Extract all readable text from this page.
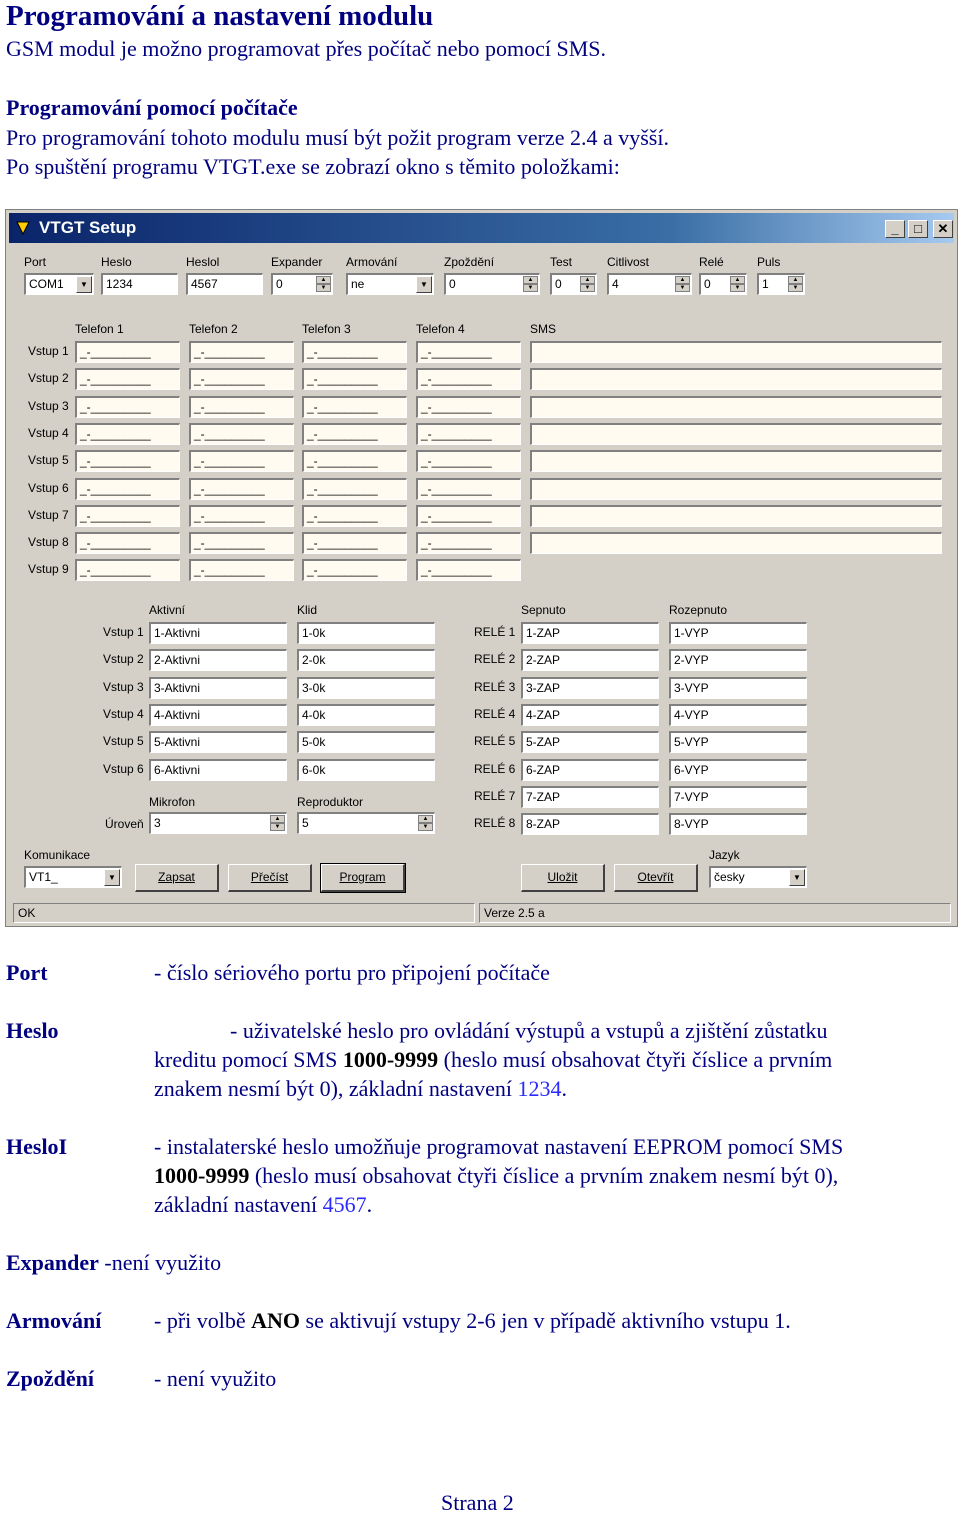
Programování a nastavení modulu
GSM modul je možno programovat přes počítač nebo pomocí SMS.
Programování pomocí počítače
Pro programování tohoto modulu musí být požit program verze 2.4 a vyšší.
Po spuštění programu VTGT.exe se zobrazí okno s těmito položkami:
VTGT Setup	_	□	✕
Port
COM1	▼
Heslo
1234
Heslol
4567
Expander
0	▲
▼
Armování
ne	▼
Zpoždění
0	▲
▼
Test
0	▲
▼
Citlivost
4	▲
▼
Relé
0	▲
▼
Puls
1	▲
▼
Telefon 1	Telefon 2	Telefon 3	Telefon 4	SMS
Vstup 1 _-_________	_-_________	_-_________	_-_________
Vstup 2 _-_________	_-_________	_-_________	_-_________
Vstup 3 _-_________	_-_________	_-_________	_-_________
Vstup 4 _-_________	_-_________	_-_________	_-_________
Vstup 5 _-_________	_-_________	_-_________	_-_________
Vstup 6 _-_________	_-_________	_-_________	_-_________
Vstup 7 _-_________	_-_________	_-_________	_-_________
Vstup 8 _-_________	_-_________	_-_________	_-_________
Vstup 9 _-_________	_-_________	_-_________	_-_________
Aktivní	Klid	Sepnuto	Rozepnuto
Vstup 1 1-Aktivni	1-0k
Vstup 2 2-Aktivni	2-0k
Vstup 3 3-Aktivni	3-0k
Vstup 4 4-Aktivni	4-0k
Vstup 5 5-Aktivni	5-0k
Vstup 6 6-Aktivni	6-0k
RELÉ 1 1-ZAP	1-VYP
RELÉ 2 2-ZAP	2-VYP
RELÉ 3 3-ZAP	3-VYP
RELÉ 4 4-ZAP	4-VYP
RELÉ 5 5-ZAP	5-VYP
RELÉ 6 6-ZAP	6-VYP
RELÉ 7 7-ZAP	7-VYP
RELÉ 8 8-ZAP	8-VYP
Mikrofon	Reproduktor
Úroveň 3	▲
▼	5	▲
▼
Komunikace
VT1_	▼	Zapsat	Přečíst	Program	Uložit	Otevřít
Jazyk
česky	▼
OK	Verze 2.5 a
Port	- číslo sériového portu pro připojení počítače
Heslo	- uživatelské heslo pro ovládání výstupů a vstupů a zjištění zůstatku
kreditu pomocí SMS 1000-9999 (heslo musí obsahovat čtyři číslice a prvním
znakem nesmí být 0), základní nastavení 1234.
HesloI	- instalaterské heslo umožňuje programovat nastavení EEPROM pomocí SMS
1000-9999 (heslo musí obsahovat čtyři číslice a prvním znakem nesmí být 0),
základní nastavení 4567.
Expander -není využito
Armování - při volbě ANO se aktivují vstupy 2-6 jen v případě aktivního vstupu 1.
Zpoždění	- není využito
Strana 2
